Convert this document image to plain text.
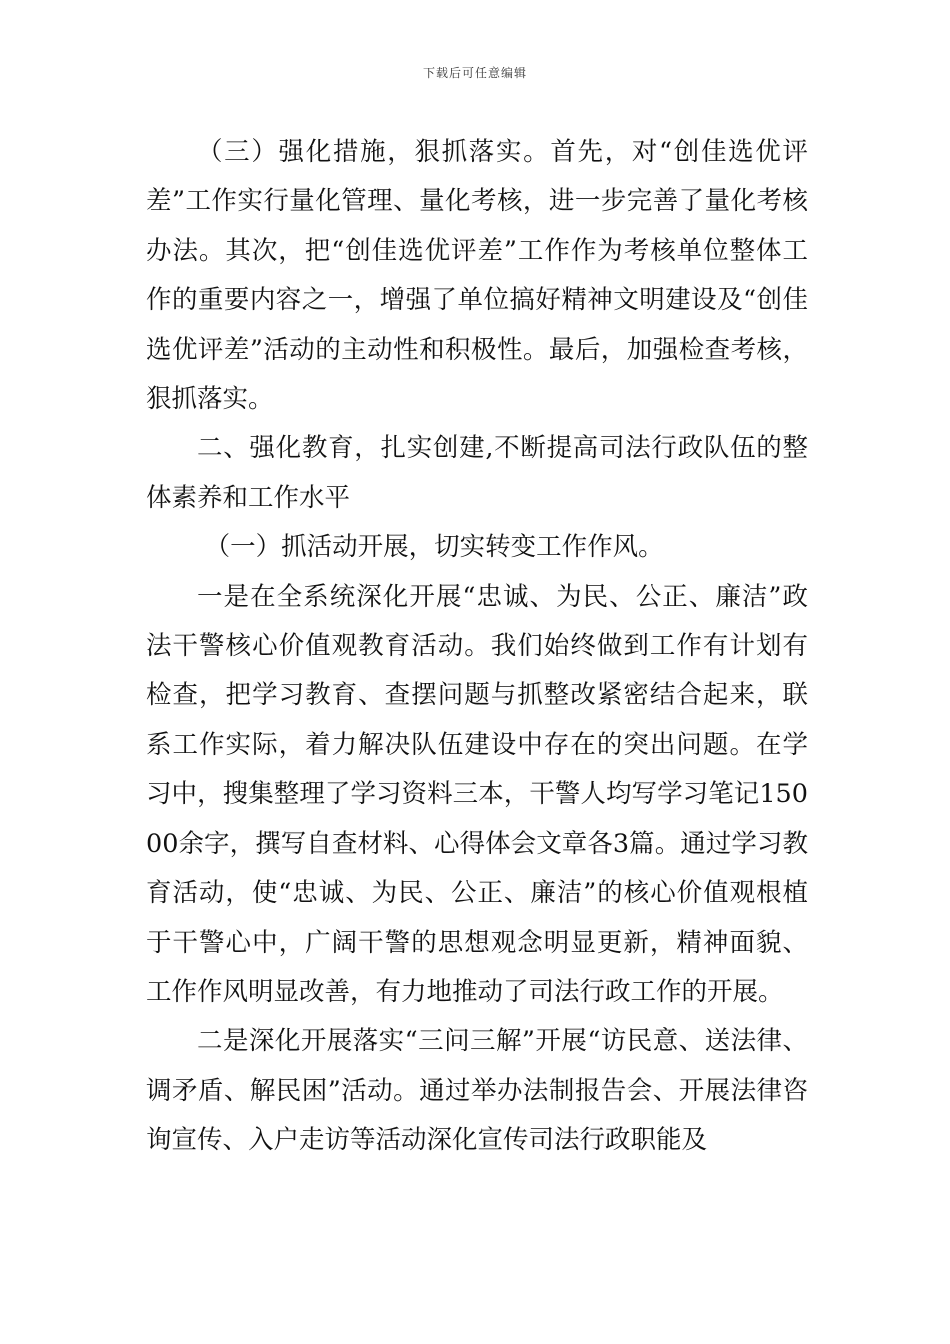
下载后可任意编辑

（三）强化措施，狠抓落实。首先，对“创佳选优评差”工作实行量化管理、量化考核，进一步完善了量化考核办法。其次，把“创佳选优评差”工作作为考核单位整体工作的重要内容之一，增强了单位搞好精神文明建设及“创佳选优评差”活动的主动性和积极性。最后，加强检查考核，狠抓落实。

二、强化教育，扎实创建,不断提高司法行政队伍的整体素养和工作水平

（一）抓活动开展，切实转变工作作风。

一是在全系统深化开展“忠诚、为民、公正、廉洁”政法干警核心价值观教育活动。我们始终做到工作有计划有检查，把学习教育、查摆问题与抓整改紧密结合起来，联系工作实际，着力解决队伍建设中存在的突出问题。在学习中，搜集整理了学习资料三本，干警人均写学习笔记15000余字，撰写自查材料、心得体会文章各3篇。通过学习教育活动，使“忠诚、为民、公正、廉洁”的核心价值观根植于干警心中，广阔干警的思想观念明显更新，精神面貌、工作作风明显改善，有力地推动了司法行政工作的开展。

二是深化开展落实“三问三解”开展“访民意、送法律、调矛盾、解民困”活动。通过举办法制报告会、开展法律咨询宣传、入户走访等活动深化宣传司法行政职能及
